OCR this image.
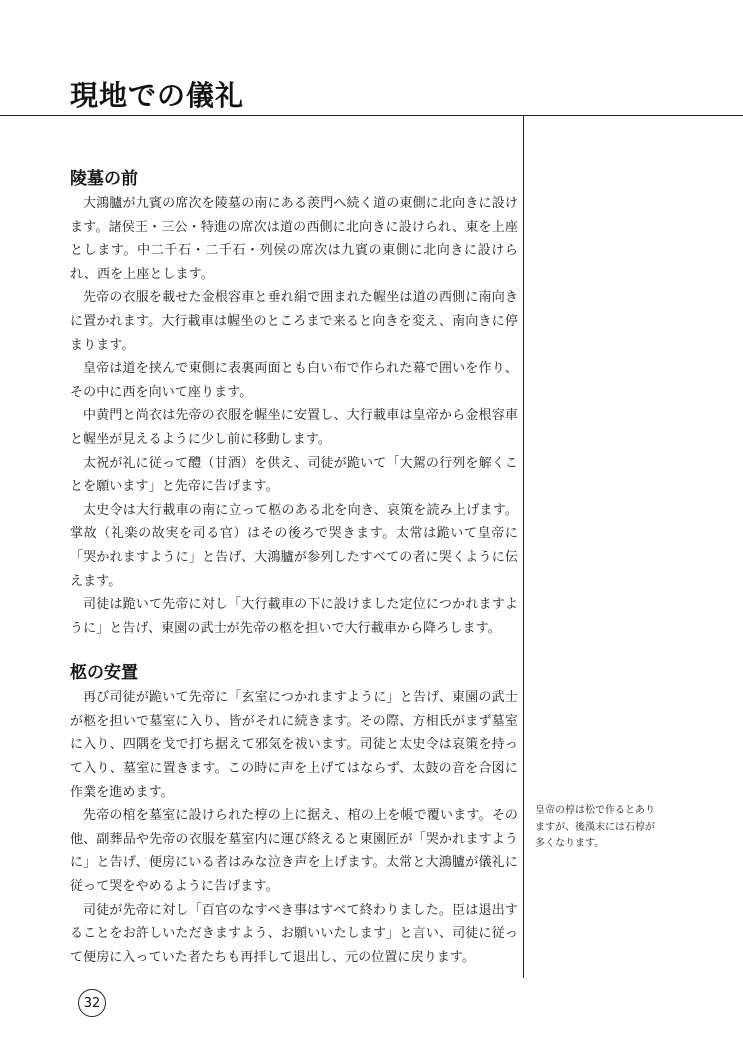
現地での儀礼
陵墓の前

大鴻臚が九賓の席次を陵墓の南にある羨門へ続く道の東側に北向きに設けます。諸侯王・三公・特進の席次は道の西側に北向きに設けられ、東を上座とします。中二千石・二千石・列侯の席次は九賓の東側に北向きに設けられ、西を上座とします。

先帝の衣服を載せた金根容車と垂れ絹で囲まれた幄坐は道の西側に南向きに置かれます。大行載車は幄坐のところまで来ると向きを変え、南向きに停まります。

皇帝は道を挟んで東側に表裏両面とも白い布で作られた幕で囲いを作り、その中に西を向いて座ります。

中黄門と尚衣は先帝の衣服を幄坐に安置し、大行載車は皇帝から金根容車と幄坐が見えるように少し前に移動します。

太祝が礼に従って醴（甘酒）を供え、司徒が跪いて「大駕の行列を解くことを願います」と先帝に告げます。

太史令は大行載車の南に立って柩のある北を向き、哀策を読み上げます。掌故（礼楽の故実を司る官）はその後ろで哭きます。太常は跪いて皇帝に「哭かれますように」と告げ、大鴻臚が参列したすべての者に哭くように伝えます。

司徒は跪いて先帝に対し「大行載車の下に設けました定位につかれますように」と告げ、東園の武士が先帝の柩を担いで大行載車から降ろします。

柩の安置

再び司徒が跪いて先帝に「玄室につかれますように」と告げ、東園の武士が柩を担いで墓室に入り、皆がそれに続きます。その際、方相氏がまず墓室に入り、四隅を戈で打ち据えて邪気を祓います。司徒と太史令は哀策を持って入り、墓室に置きます。この時に声を上げてはならず、太鼓の音を合図に作業を進めます。

先帝の棺を墓室に設けられた椁の上に据え、棺の上を帳で覆います。その他、副葬品や先帝の衣服を墓室内に運び終えると東園匠が「哭かれますように」と告げ、便房にいる者はみな泣き声を上げます。太常と大鴻臚が儀礼に従って哭をやめるように告げます。

司徒が先帝に対し「百官のなすべき事はすべて終わりました。臣は退出することをお許しいただきますよう、お願いいたします」と言い、司徒に従って便房に入っていた者たちも再拝して退出し、元の位置に戻ります。

皇帝の椁は松で作るとありますが、後漢末には石椁が多くなります。

32
